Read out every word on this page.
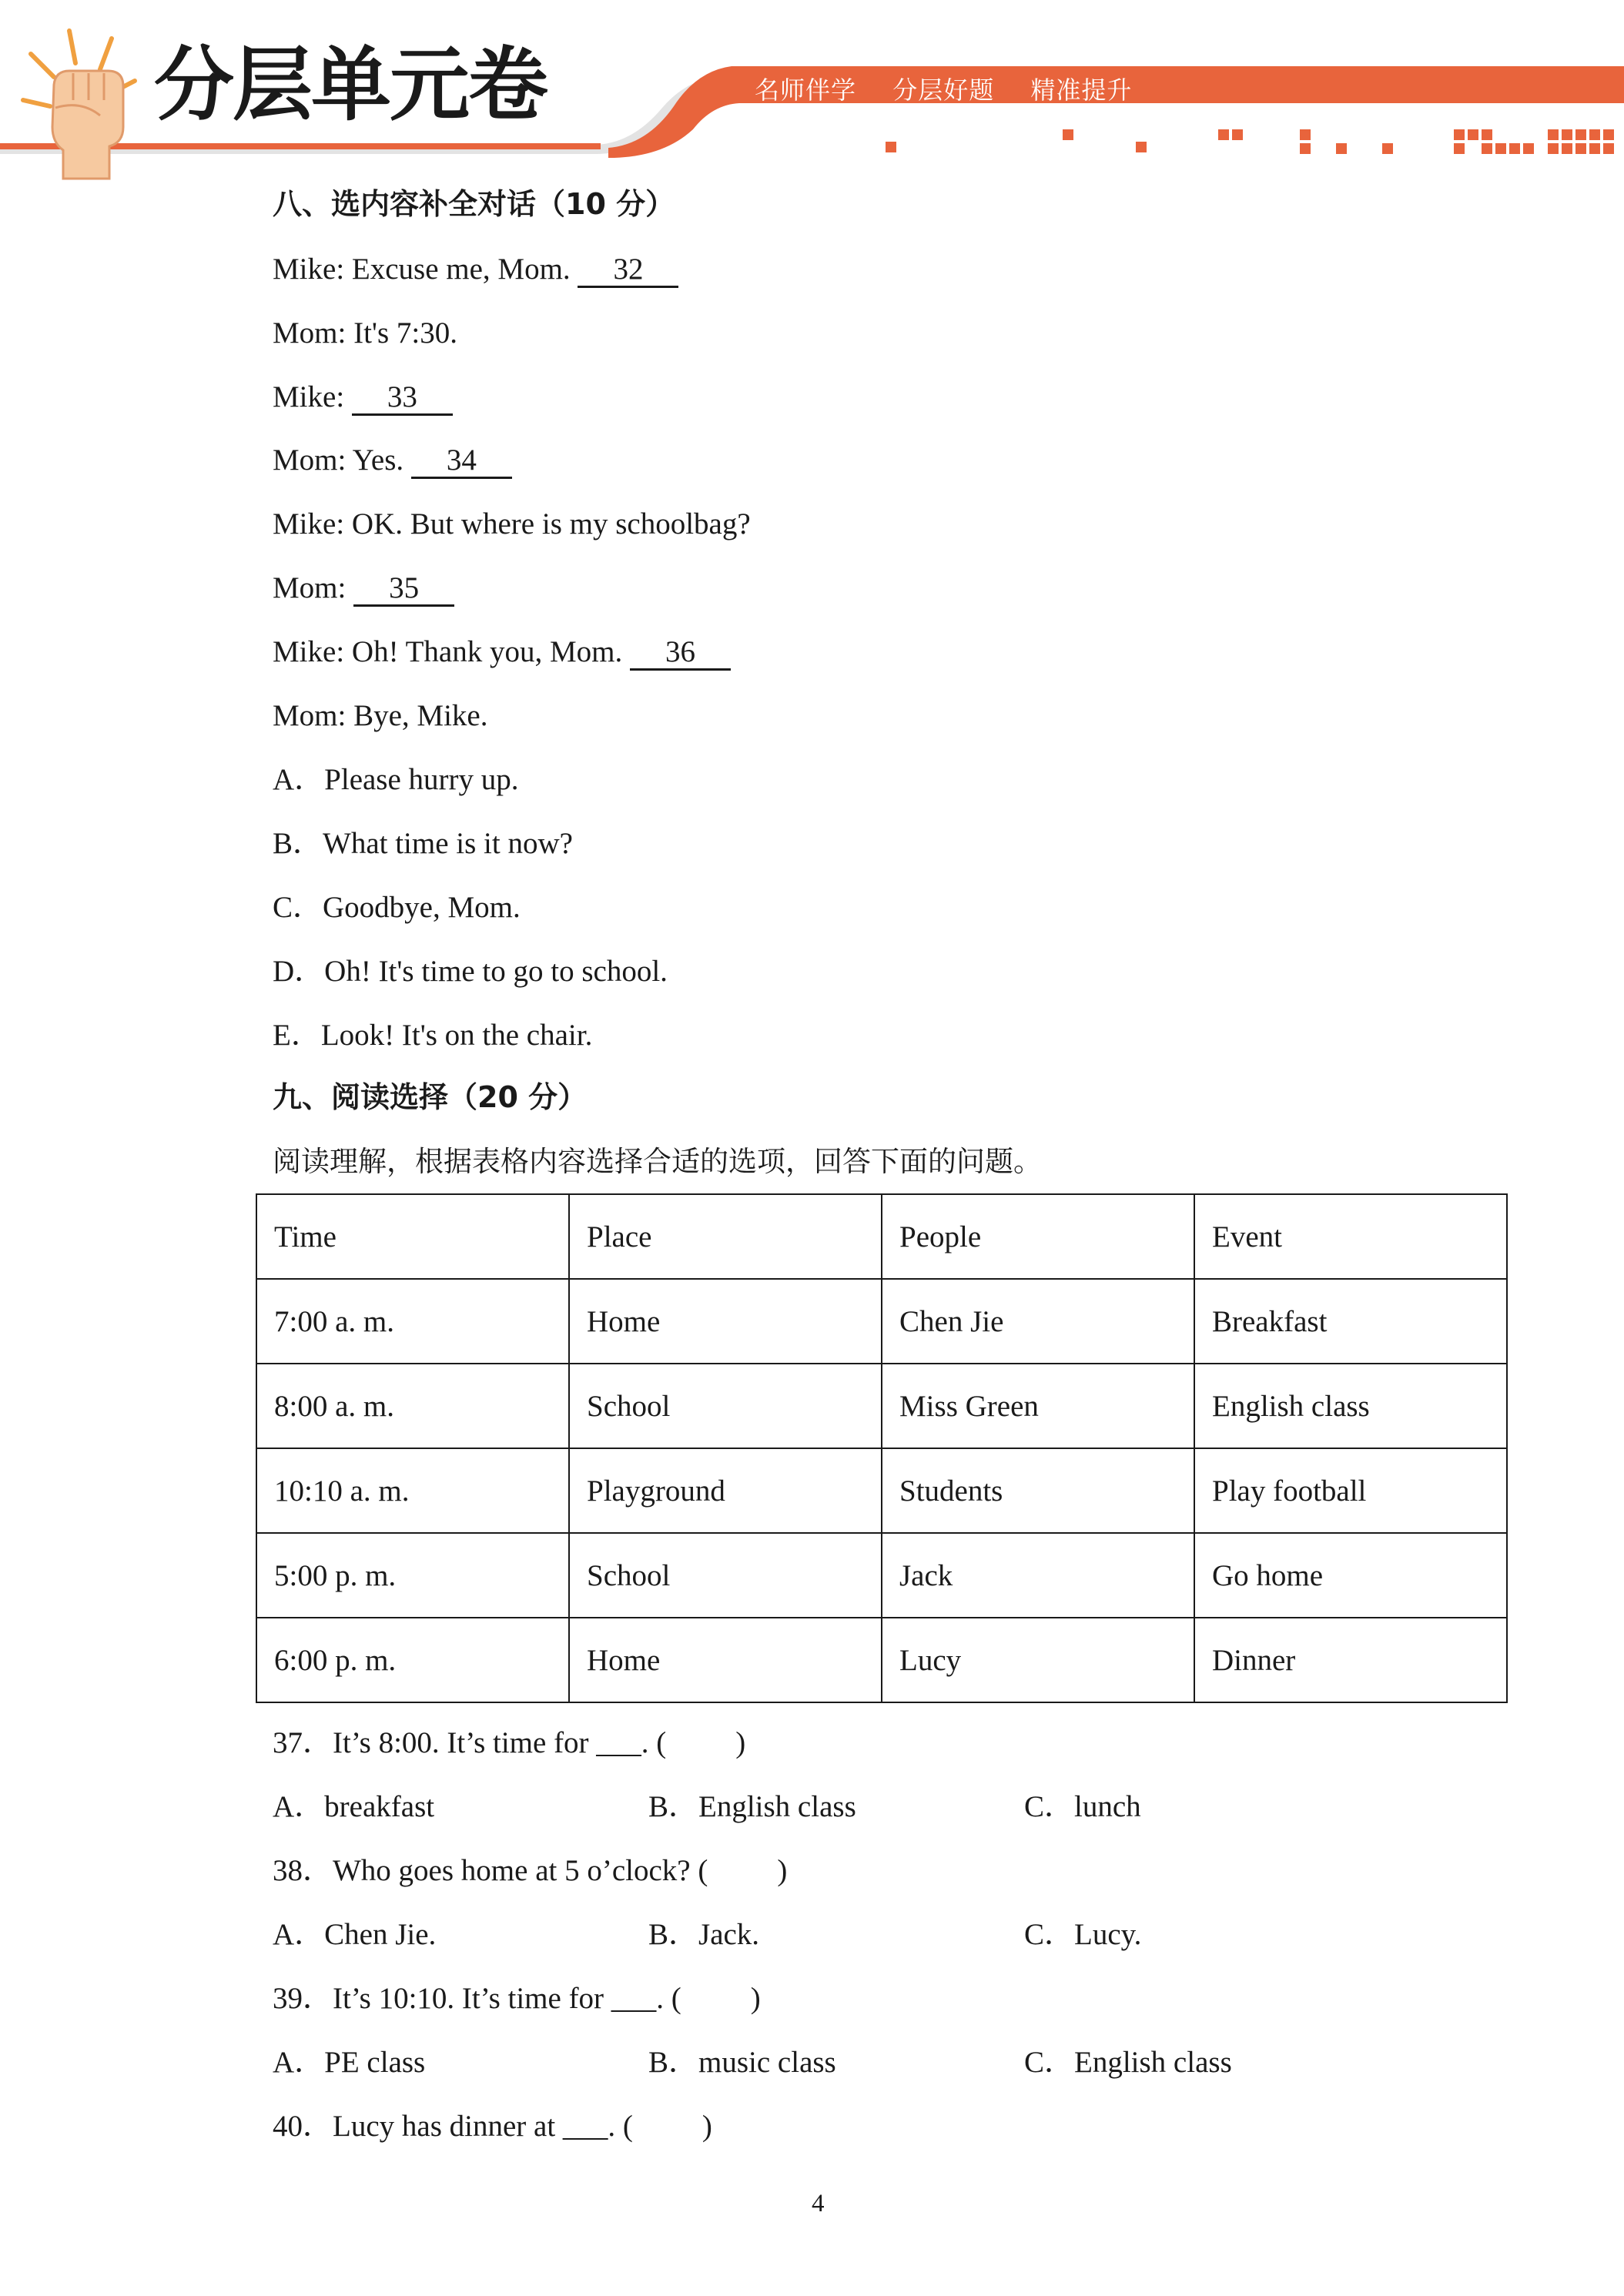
分层单元卷	名师伴学 分层好题 精准提升
八、选内容补全对话（10 分）
Mike: Excuse me, Mom. 32
Mom: It's 7:30.
Mike: 33
Mom: Yes. 34
Mike: OK. But where is my schoolbag?
Mom: 35
Mike: Oh! Thank you, Mom. 36
Mom: Bye, Mike.
A．Please hurry up.
B．What time is it now?
C．Goodbye, Mom.
D．Oh! It's time to go to school.
E．Look! It's on the chair.
九、阅读选择（20 分）
阅读理解，根据表格内容选择合适的选项，回答下面的问题。
Time	Place	People	Event
7:00 a. m.	Home	Chen Jie	Breakfast
8:00 a. m.	School	Miss Green	English class
10:10 a. m.	Playground	Students	Play football
5:00 p. m.	School	Jack	Go home
6:00 p. m.	Home	Lucy	Dinner
37．It’s 8:00. It’s time for ___. ( )
A．breakfast	B．English class	C．lunch
38．Who goes home at 5 o’clock? ( )
A．Chen Jie.	B．Jack.	C．Lucy.
39．It’s 10:10. It’s time for ___. ( )
A．PE class	B．music class	C．English class
40．Lucy has dinner at ___. ( )
4
